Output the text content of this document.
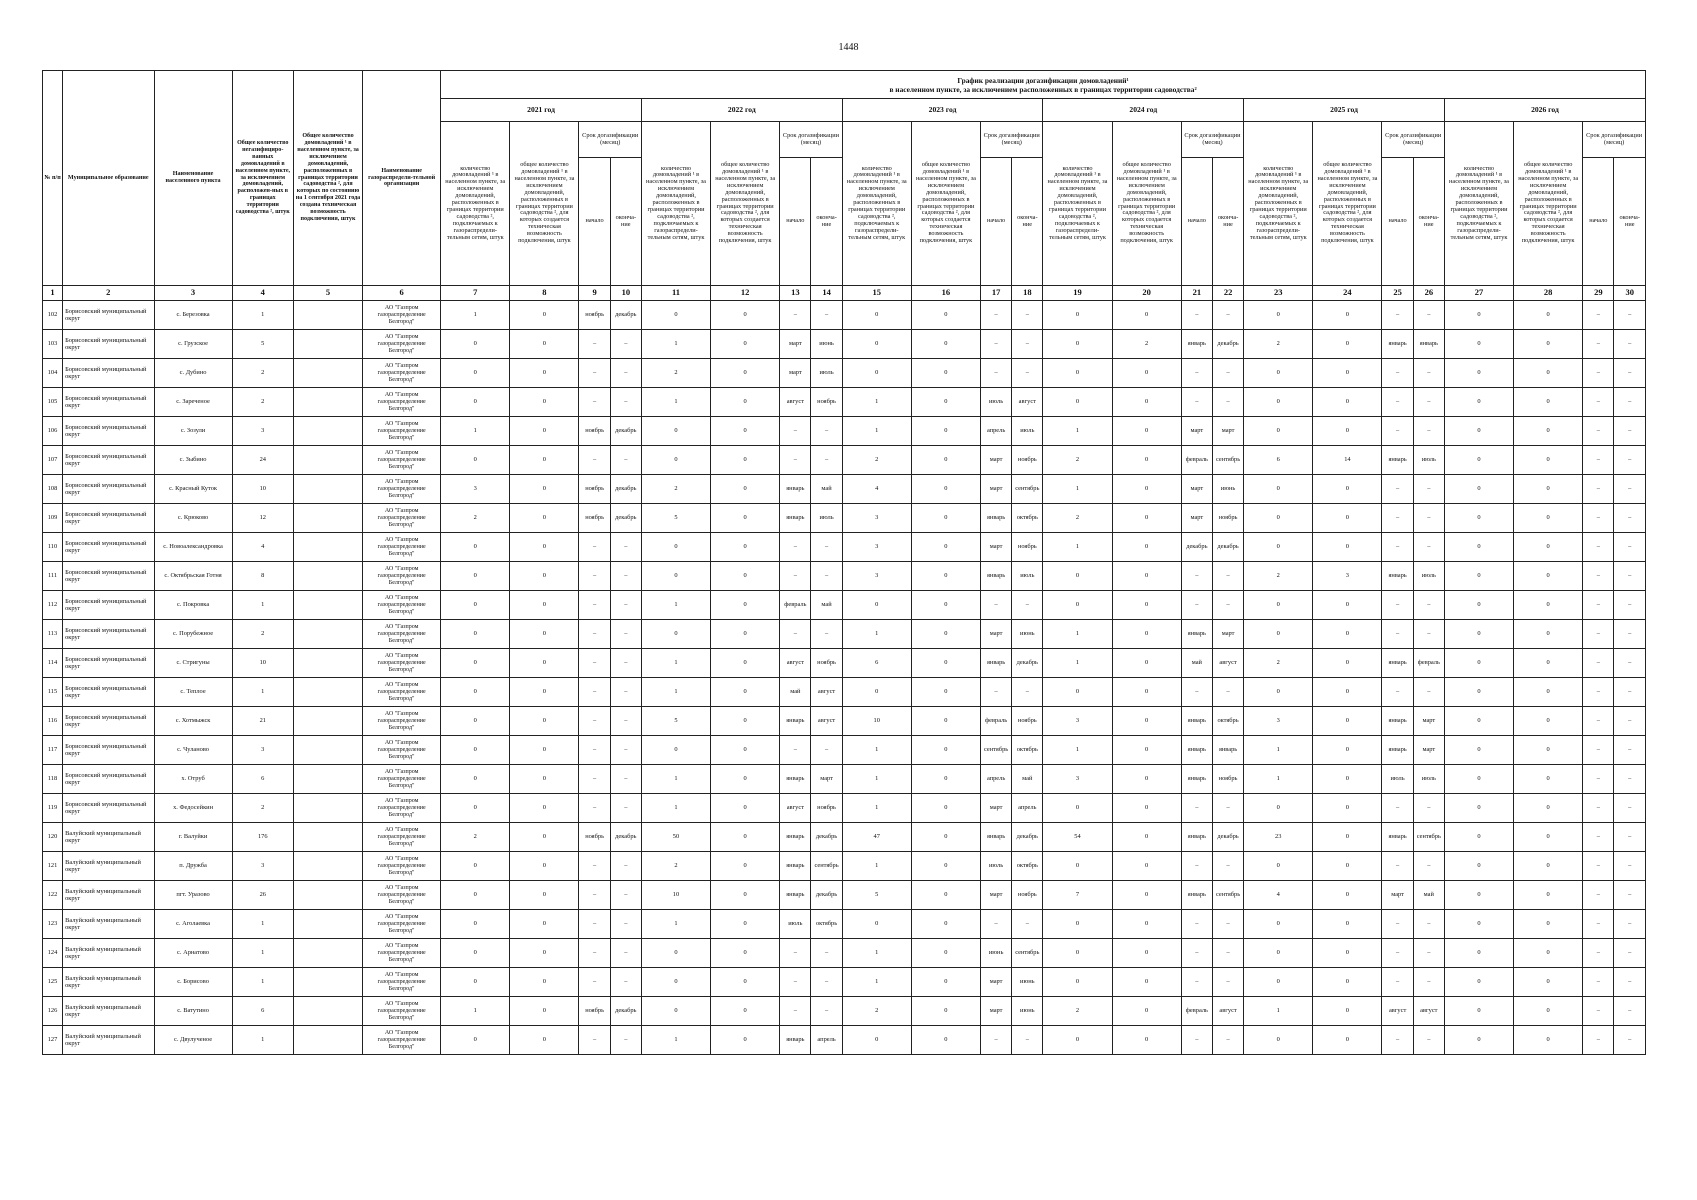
1448
№ п/п	Муниципальное образование	Наименование населенного пункта	Общее количество негазифициро-ванных домовладений в населенном пункте, за исключением домовладений, расположен-ных в границах территории садоводства ², штук	Общее количество домовладений ¹ в населенном пункте, за исключением домовладений, расположенных в границах территории садоводства ², для которых по состоянию на 1 сентября 2021 года создана техническая возможность подключения, штук	Наименование газораспредели-тельной организации	График реализации догазификации домовладений¹
в населенном пункте, за исключением расположенных в границах территории садоводства²																							

						2021 год				2022 год				2023 год				2024 год				2025 год				2026 год			
						количество домовладений ¹ в населенном пункте, за исключением домовладений, расположенных в границах территории садоводства ², подключаемых к газораспредели-тельным сетям, штук	общее количество домовладений ¹ в населенном пункте, за исключением домовладений, расположенных в границах территории садоводства ², для которых создается техническая возможность подключения, штук	Срок догазификации (месяц)		количество домовладений ¹ в населенном пункте, за исключением домовладений, расположенных в границах территории садоводства ², подключаемых к газораспредели-тельным сетям, штук	общее количество домовладений ¹ в населенном пункте, за исключением домовладений, расположенных в границах территории садоводства ², для которых создается техническая возможность подключения, штук	Срок догазификации (месяц)		количество домовладений ¹ в населенном пункте, за исключением домовладений, расположенных в границах территории садоводства ², подключаемых к газораспредели-тельным сетям, штук	общее количество домовладений ¹ в населенном пункте, за исключением домовладений, расположенных в границах территории садоводства ², для которых создается техническая возможность подключения, штук	Срок догазификации (месяц)		количество домовладений ¹ в населенном пункте, за исключением домовладений, расположенных в границах территории садоводства ², подключаемых к газораспредели-тельным сетям, штук	общее количество домовладений ¹ в населенном пункте, за исключением домовладений, расположенных в границах территории садоводства ², для которых создается техническая возможность подключения, штук	Срок догазификации (месяц)		количество домовладений ¹ в населенном пункте, за исключением домовладений, расположенных в границах территории садоводства ², подключаемых к газораспредели-тельным сетям, штук	общее количество домовладений ¹ в населенном пункте, за исключением домовладений, расположенных в границах территории садоводства ², для которых создается техническая возможность подключения, штук	Срок догазификации (месяц)		количество домовладений ¹ в населенном пункте, за исключением домовладений, расположенных в границах территории садоводства ², подключаемых к газораспредели-тельным сетям, штук	общее количество домовладений ¹ в населенном пункте, за исключением домовладений, расположенных в границах территории садоводства ², для которых создается техническая возможность подключения, штук	Срок догазификации (месяц)	
								начало	оконча-ние			начало	оконча-ние			начало	оконча-ние			начало	оконча-ние			начало	оконча-ние			начало	оконча-ние
1	2	3	4	5	6	7	8	9	10	11	12	13	14	15	16	17	18	19	20	21	22	23	24	25	26	27	28	29	30
102	Борисовский муниципальный округ	с. Березовка	1		АО "Газпром газораспределение Белгород"	1	0	ноябрь	декабрь	0	0	–	–	0	0	–	–	0	0	–	–	0	0	–	–	0	0	–	–
103	Борисовский муниципальный округ	с. Грузское	5		АО "Газпром газораспределение Белгород"	0	0	–	–	1	0	март	июнь	0	0	–	–	0	2	январь	декабрь	2	0	январь	январь	0	0	–	–
104	Борисовский муниципальный округ	с. Дубино	2		АО "Газпром газораспределение Белгород"	0	0	–	–	2	0	март	июль	0	0	–	–	0	0	–	–	0	0	–	–	0	0	–	–
105	Борисовский муниципальный округ	с. Зареченое	2		АО "Газпром газораспределение Белгород"	0	0	–	–	1	0	август	ноябрь	1	0	июль	август	0	0	–	–	0	0	–	–	0	0	–	–
106	Борисовский муниципальный округ	с. Зозули	3		АО "Газпром газораспределение Белгород"	1	0	ноябрь	декабрь	0	0	–	–	1	0	апрель	июль	1	0	март	март	0	0	–	–	0	0	–	–
107	Борисовский муниципальный округ	с. Зыбино	24		АО "Газпром газораспределение Белгород"	0	0	–	–	0	0	–	–	2	0	март	ноябрь	2	0	февраль	сентябрь	6	14	январь	июль	0	0	–	–
108	Борисовский муниципальный округ	с. Красный Куток	10		АО "Газпром газораспределение Белгород"	3	0	ноябрь	декабрь	2	0	январь	май	4	0	март	сентябрь	1	0	март	июнь	0	0	–	–	0	0	–	–
109	Борисовский муниципальный округ	с. Крюково	12		АО "Газпром газораспределение Белгород"	2	0	ноябрь	декабрь	5	0	январь	июль	3	0	январь	октябрь	2	0	март	ноябрь	0	0	–	–	0	0	–	–
110	Борисовский муниципальный округ	с. Новоалександровка	4		АО "Газпром газораспределение Белгород"	0	0	–	–	0	0	–	–	3	0	март	ноябрь	1	0	декабрь	декабрь	0	0	–	–	0	0	–	–
111	Борисовский муниципальный округ	с. Октябрьская Готня	8		АО "Газпром газораспределение Белгород"	0	0	–	–	0	0	–	–	3	0	январь	июль	0	0	–	–	2	3	январь	июль	0	0	–	–
112	Борисовский муниципальный округ	с. Покровка	1		АО "Газпром газораспределение Белгород"	0	0	–	–	1	0	февраль	май	0	0	–	–	0	0	–	–	0	0	–	–	0	0	–	–
113	Борисовский муниципальный округ	с. Порубежное	2		АО "Газпром газораспределение Белгород"	0	0	–	–	0	0	–	–	1	0	март	июнь	1	0	январь	март	0	0	–	–	0	0	–	–
114	Борисовский муниципальный округ	с. Стригуны	10		АО "Газпром газораспределение Белгород"	0	0	–	–	1	0	август	ноябрь	6	0	январь	декабрь	1	0	май	август	2	0	январь	февраль	0	0	–	–
115	Борисовский муниципальный округ	с. Теплое	1		АО "Газпром газораспределение Белгород"	0	0	–	–	1	0	май	август	0	0	–	–	0	0	–	–	0	0	–	–	0	0	–	–
116	Борисовский муниципальный округ	с. Хотмыжск	21		АО "Газпром газораспределение Белгород"	0	0	–	–	5	0	январь	август	10	0	февраль	ноябрь	3	0	январь	октябрь	3	0	январь	март	0	0	–	–
117	Борисовский муниципальный округ	с. Чуланово	3		АО "Газпром газораспределение Белгород"	0	0	–	–	0	0	–	–	1	0	сентябрь	октябрь	1	0	январь	январь	1	0	январь	март	0	0	–	–
118	Борисовский муниципальный округ	х. Отруб	6		АО "Газпром газораспределение Белгород"	0	0	–	–	1	0	январь	март	1	0	апрель	май	3	0	январь	ноябрь	1	0	июль	июль	0	0	–	–
119	Борисовский муниципальный округ	х. Федосейкин	2		АО "Газпром газораспределение Белгород"	0	0	–	–	1	0	август	ноябрь	1	0	март	апрель	0	0	–	–	0	0	–	–	0	0	–	–
120	Валуйский муниципальный округ	г. Валуйки	176		АО "Газпром газораспределение Белгород"	2	0	ноябрь	декабрь	50	0	январь	декабрь	47	0	январь	декабрь	54	0	январь	декабрь	23	0	январь	сентябрь	0	0	–	–
121	Валуйский муниципальный округ	п. Дружба	3		АО "Газпром газораспределение Белгород"	0	0	–	–	2	0	январь	сентябрь	1	0	июль	октябрь	0	0	–	–	0	0	–	–	0	0	–	–
122	Валуйский муниципальный округ	пгт. Уразово	26		АО "Газпром газораспределение Белгород"	0	0	–	–	10	0	январь	декабрь	5	0	март	ноябрь	7	0	январь	сентябрь	4	0	март	май	0	0	–	–
123	Валуйский муниципальный округ	с. Аголаевка	1		АО "Газпром газораспределение Белгород"	0	0	–	–	1	0	июль	октябрь	0	0	–	–	0	0	–	–	0	0	–	–	0	0	–	–
124	Валуйский муниципальный округ	с. Арнатово	1		АО "Газпром газораспределение Белгород"	0	0	–	–	0	0	–	–	1	0	июнь	сентябрь	0	0	–	–	0	0	–	–	0	0	–	–
125	Валуйский муниципальный округ	с. Борисово	1		АО "Газпром газораспределение Белгород"	0	0	–	–	0	0	–	–	1	0	март	июнь	0	0	–	–	0	0	–	–	0	0	–	–
126	Валуйский муниципальный округ	с. Ватутино	6		АО "Газпром газораспределение Белгород"	1	0	ноябрь	декабрь	0	0	–	–	2	0	март	июнь	2	0	февраль	август	1	0	август	август	0	0	–	–
127	Валуйский муниципальный округ	с. Двулученое	1		АО "Газпром газораспределение Белгород"	0	0	–	–	1	0	январь	апрель	0	0	–	–	0	0	–	–	0	0	–	–	0	0	–	–
